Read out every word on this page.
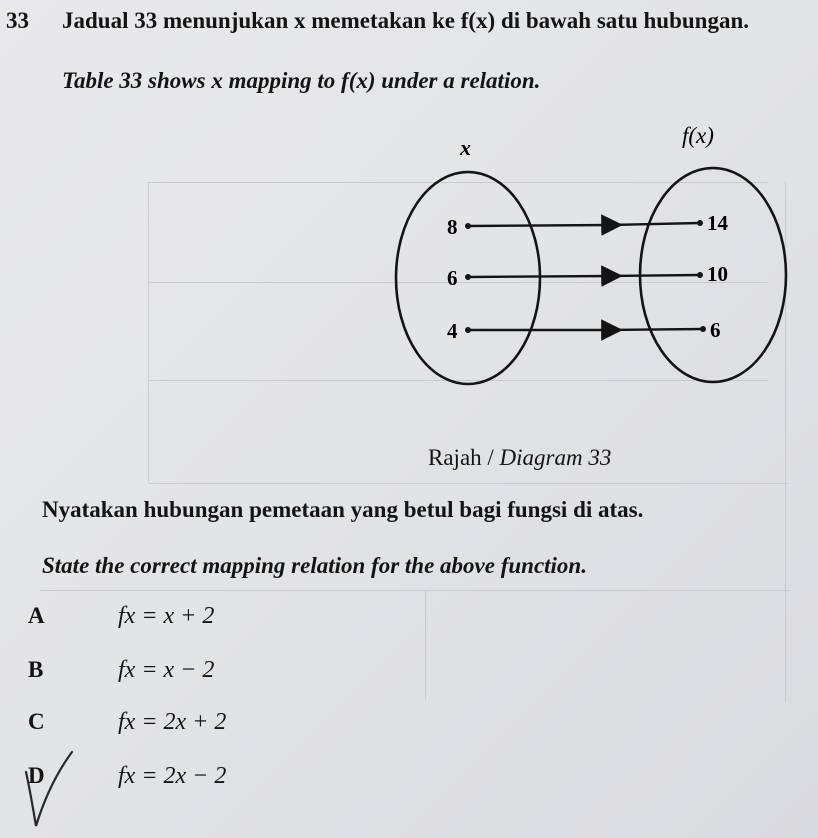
33 Jadual 33 menunjukan x memetakan ke f(x) di bawah satu hubungan.
Table 33 shows x mapping to f(x) under a relation.
x	f(x)
8	14
6	10
4	6
Rajah / Diagram 33
Nyatakan hubungan pemetaan yang betul bagi fungsi di atas.
State the correct mapping relation for the above function.
A	fx = x + 2
B	fx = x − 2
C	fx = 2x + 2
D	fx = 2x − 2
